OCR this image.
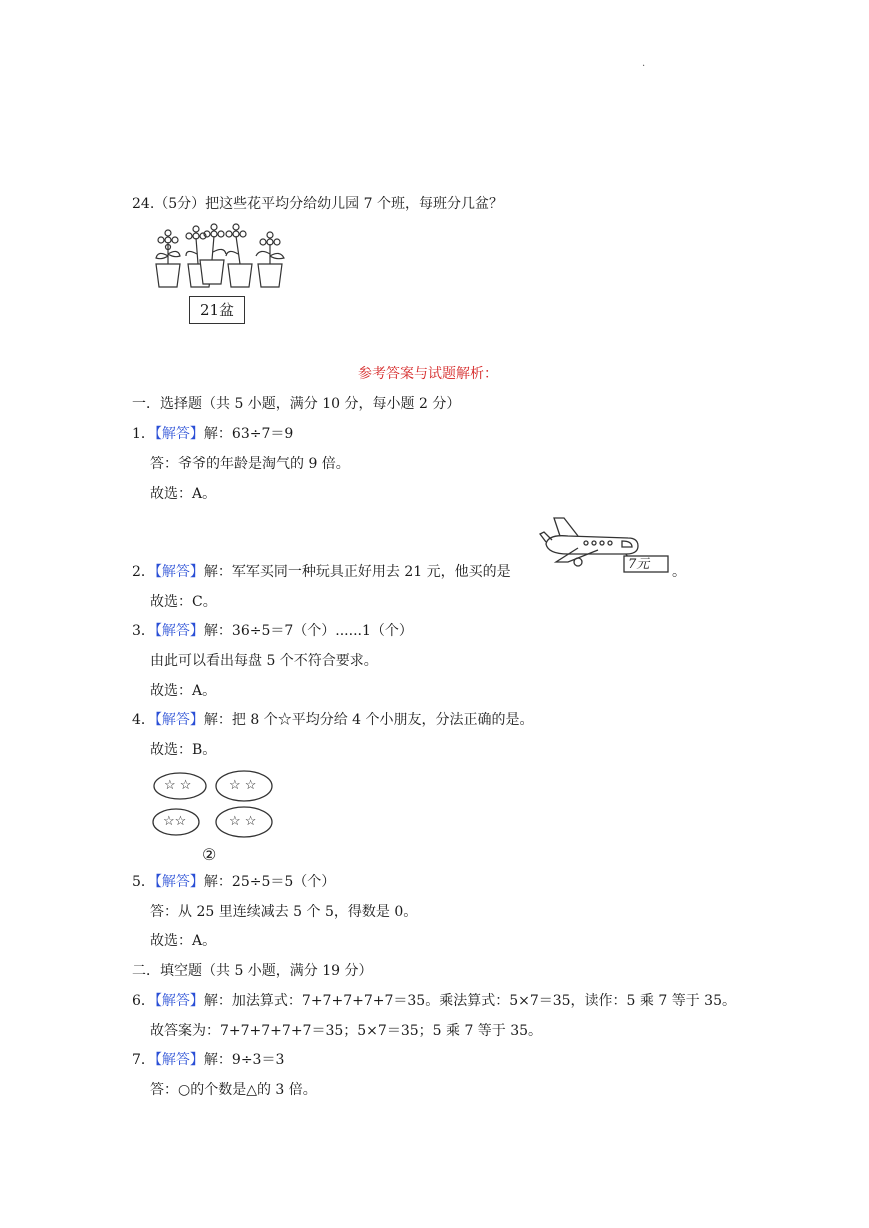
.
24.（5分）把这些花平均分给幼儿园 7 个班，每班分几盆？
21盆
参考答案与试题解析：
一．选择题（共 5 小题，满分 10 分，每小题 2 分）
1．【解答】解：63÷7＝9
答：爷爷的年龄是淘气的 9 倍。
故选：A。
7元
2．【解答】解：军军买同一种玩具正好用去 21 元，他买的是	。
故选：C。
3．【解答】解：36÷5＝7（个）......1（个）
由此可以看出每盘 5 个不符合要求。
故选：A。
4．【解答】解：把 8 个☆平均分给 4 个小朋友，分法正确的是。
故选：B。
☆ ☆	☆ ☆
☆☆	☆ ☆
②
5．【解答】解：25÷5＝5（个）
答：从 25 里连续减去 5 个 5，得数是 0。
故选：A。
二．填空题（共 5 小题，满分 19 分）
6．【解答】解：加法算式：7+7+7+7+7＝35。乘法算式：5×7＝35，读作：5 乘 7 等于 35。
故答案为：7+7+7+7+7＝35；5×7＝35；5 乘 7 等于 35。
7．【解答】解：9÷3＝3
答：○的个数是△的 3 倍。
